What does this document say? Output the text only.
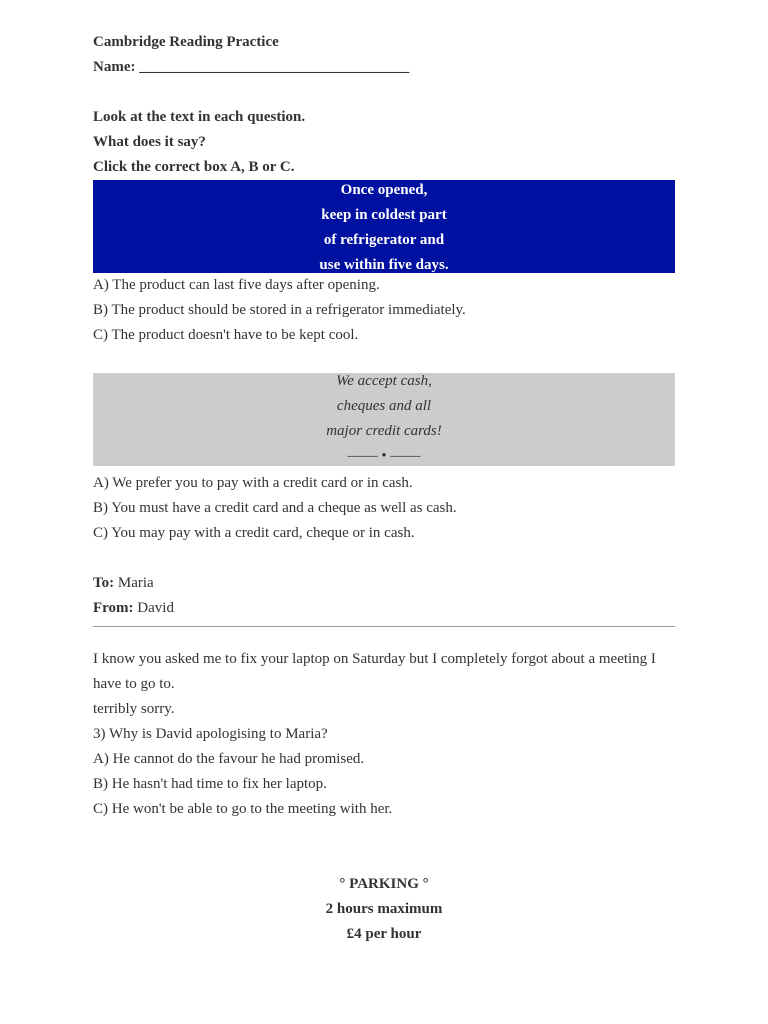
Cambridge Reading Practice
Name: ____________________________________
Look at the text in each question.
What does it say?
Click the correct box A, B or C.
Once opened,
keep in coldest part
of refrigerator and
use within five days.
A) The product can last five days after opening.
B) The product should be stored in a refrigerator immediately.
C) The product doesn't have to be kept cool.
We accept cash,
cheques and all
major credit cards!
—— • ——
A) We prefer you to pay with a credit card or in cash.
B) You must have a credit card and a cheque as well as cash.
C) You may pay with a credit card, cheque or in cash.
To: Maria
From: David
I know you asked me to fix your laptop on Saturday but I completely forgot about a meeting I
have to go to.
terribly sorry.
3) Why is David apologising to Maria?
A) He cannot do the favour he had promised.
B) He hasn't had time to fix her laptop.
C) He won't be able to go to the meeting with her.
° PARKING °
2 hours maximum
£4 per hour
